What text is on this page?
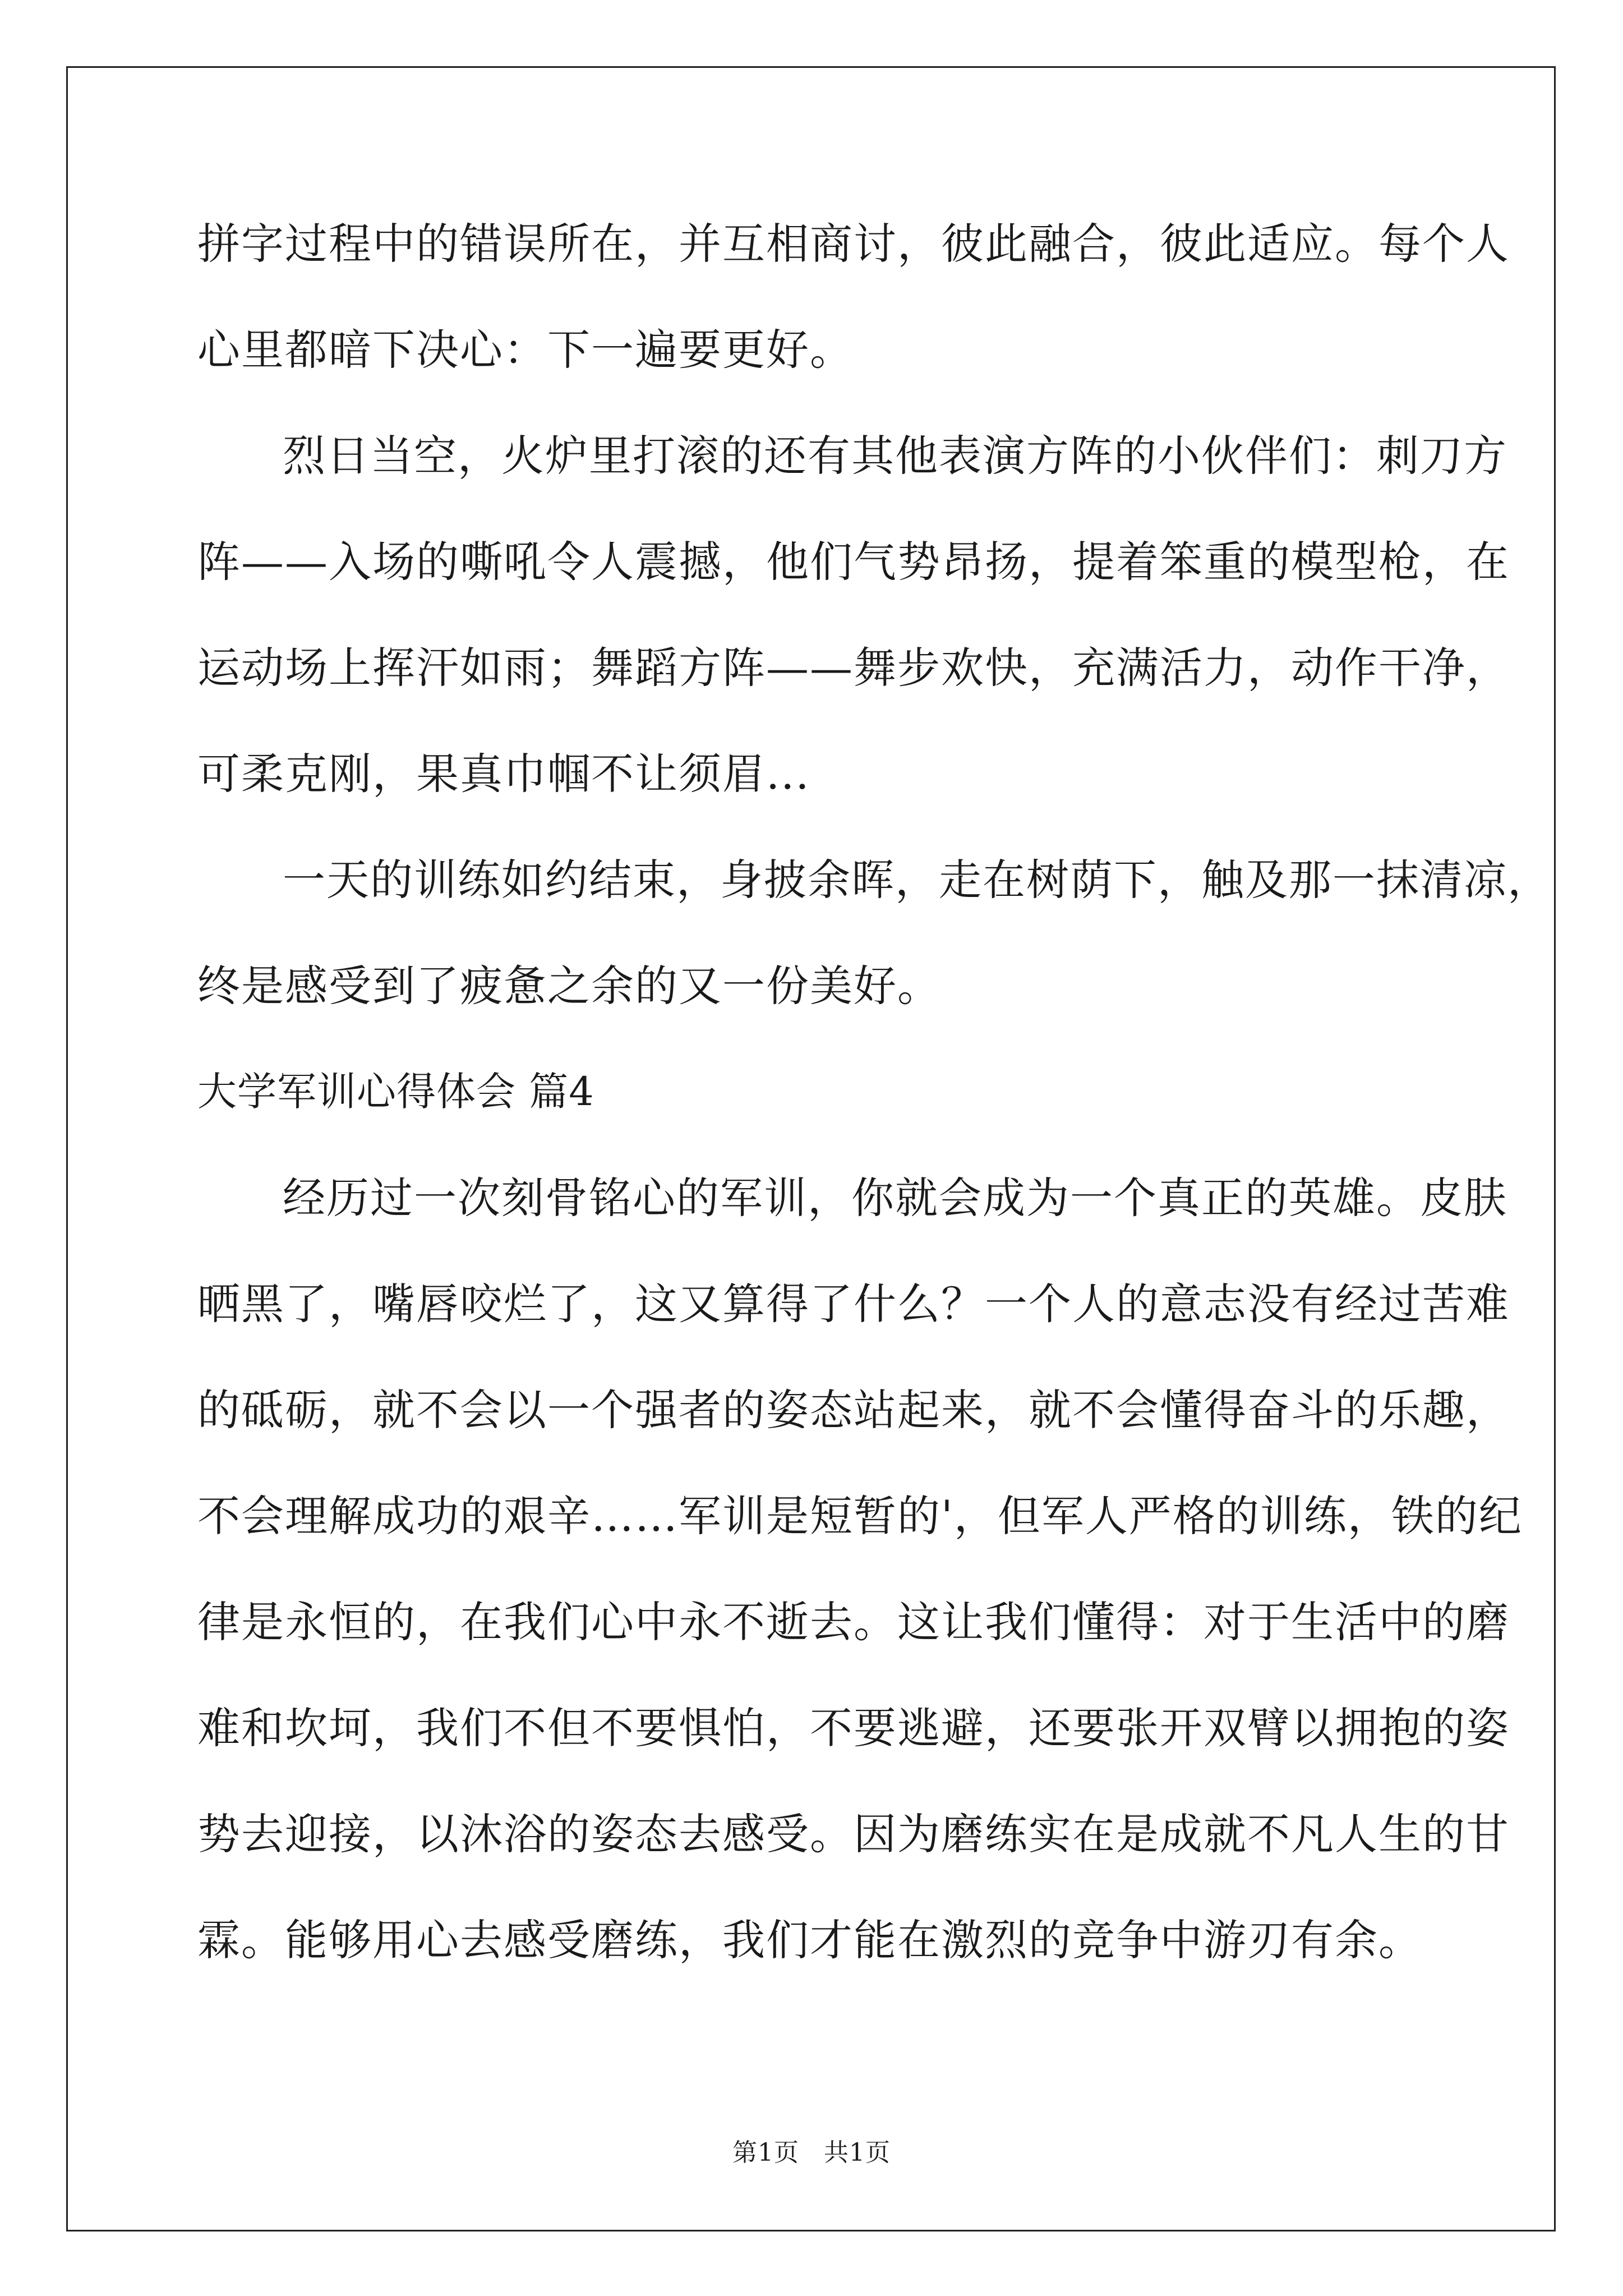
拼字过程中的错误所在，并互相商讨，彼此融合，彼此适应。每个人
心里都暗下决心：下一遍要更好。

烈日当空，火炉里打滚的还有其他表演方阵的小伙伴们：刺刀方
阵——入场的嘶吼令人震撼，他们气势昂扬，提着笨重的模型枪，在
运动场上挥汗如雨；舞蹈方阵——舞步欢快，充满活力，动作干净，
可柔克刚，果真巾帼不让须眉...

一天的训练如约结束，身披余晖，走在树荫下，触及那一抹清凉，
终是感受到了疲惫之余的又一份美好。

大学军训心得体会 篇4

经历过一次刻骨铭心的军训，你就会成为一个真正的英雄。皮肤
晒黑了，嘴唇咬烂了，这又算得了什么？一个人的意志没有经过苦难
的砥砺，就不会以一个强者的姿态站起来，就不会懂得奋斗的乐趣，
不会理解成功的艰辛……军训是短暂的'，但军人严格的训练，铁的纪
律是永恒的，在我们心中永不逝去。这让我们懂得：对于生活中的磨
难和坎坷，我们不但不要惧怕，不要逃避，还要张开双臂以拥抱的姿
势去迎接，以沐浴的姿态去感受。因为磨练实在是成就不凡人生的甘
霖。能够用心去感受磨练，我们才能在激烈的竞争中游刃有余。

第1页 共1页
